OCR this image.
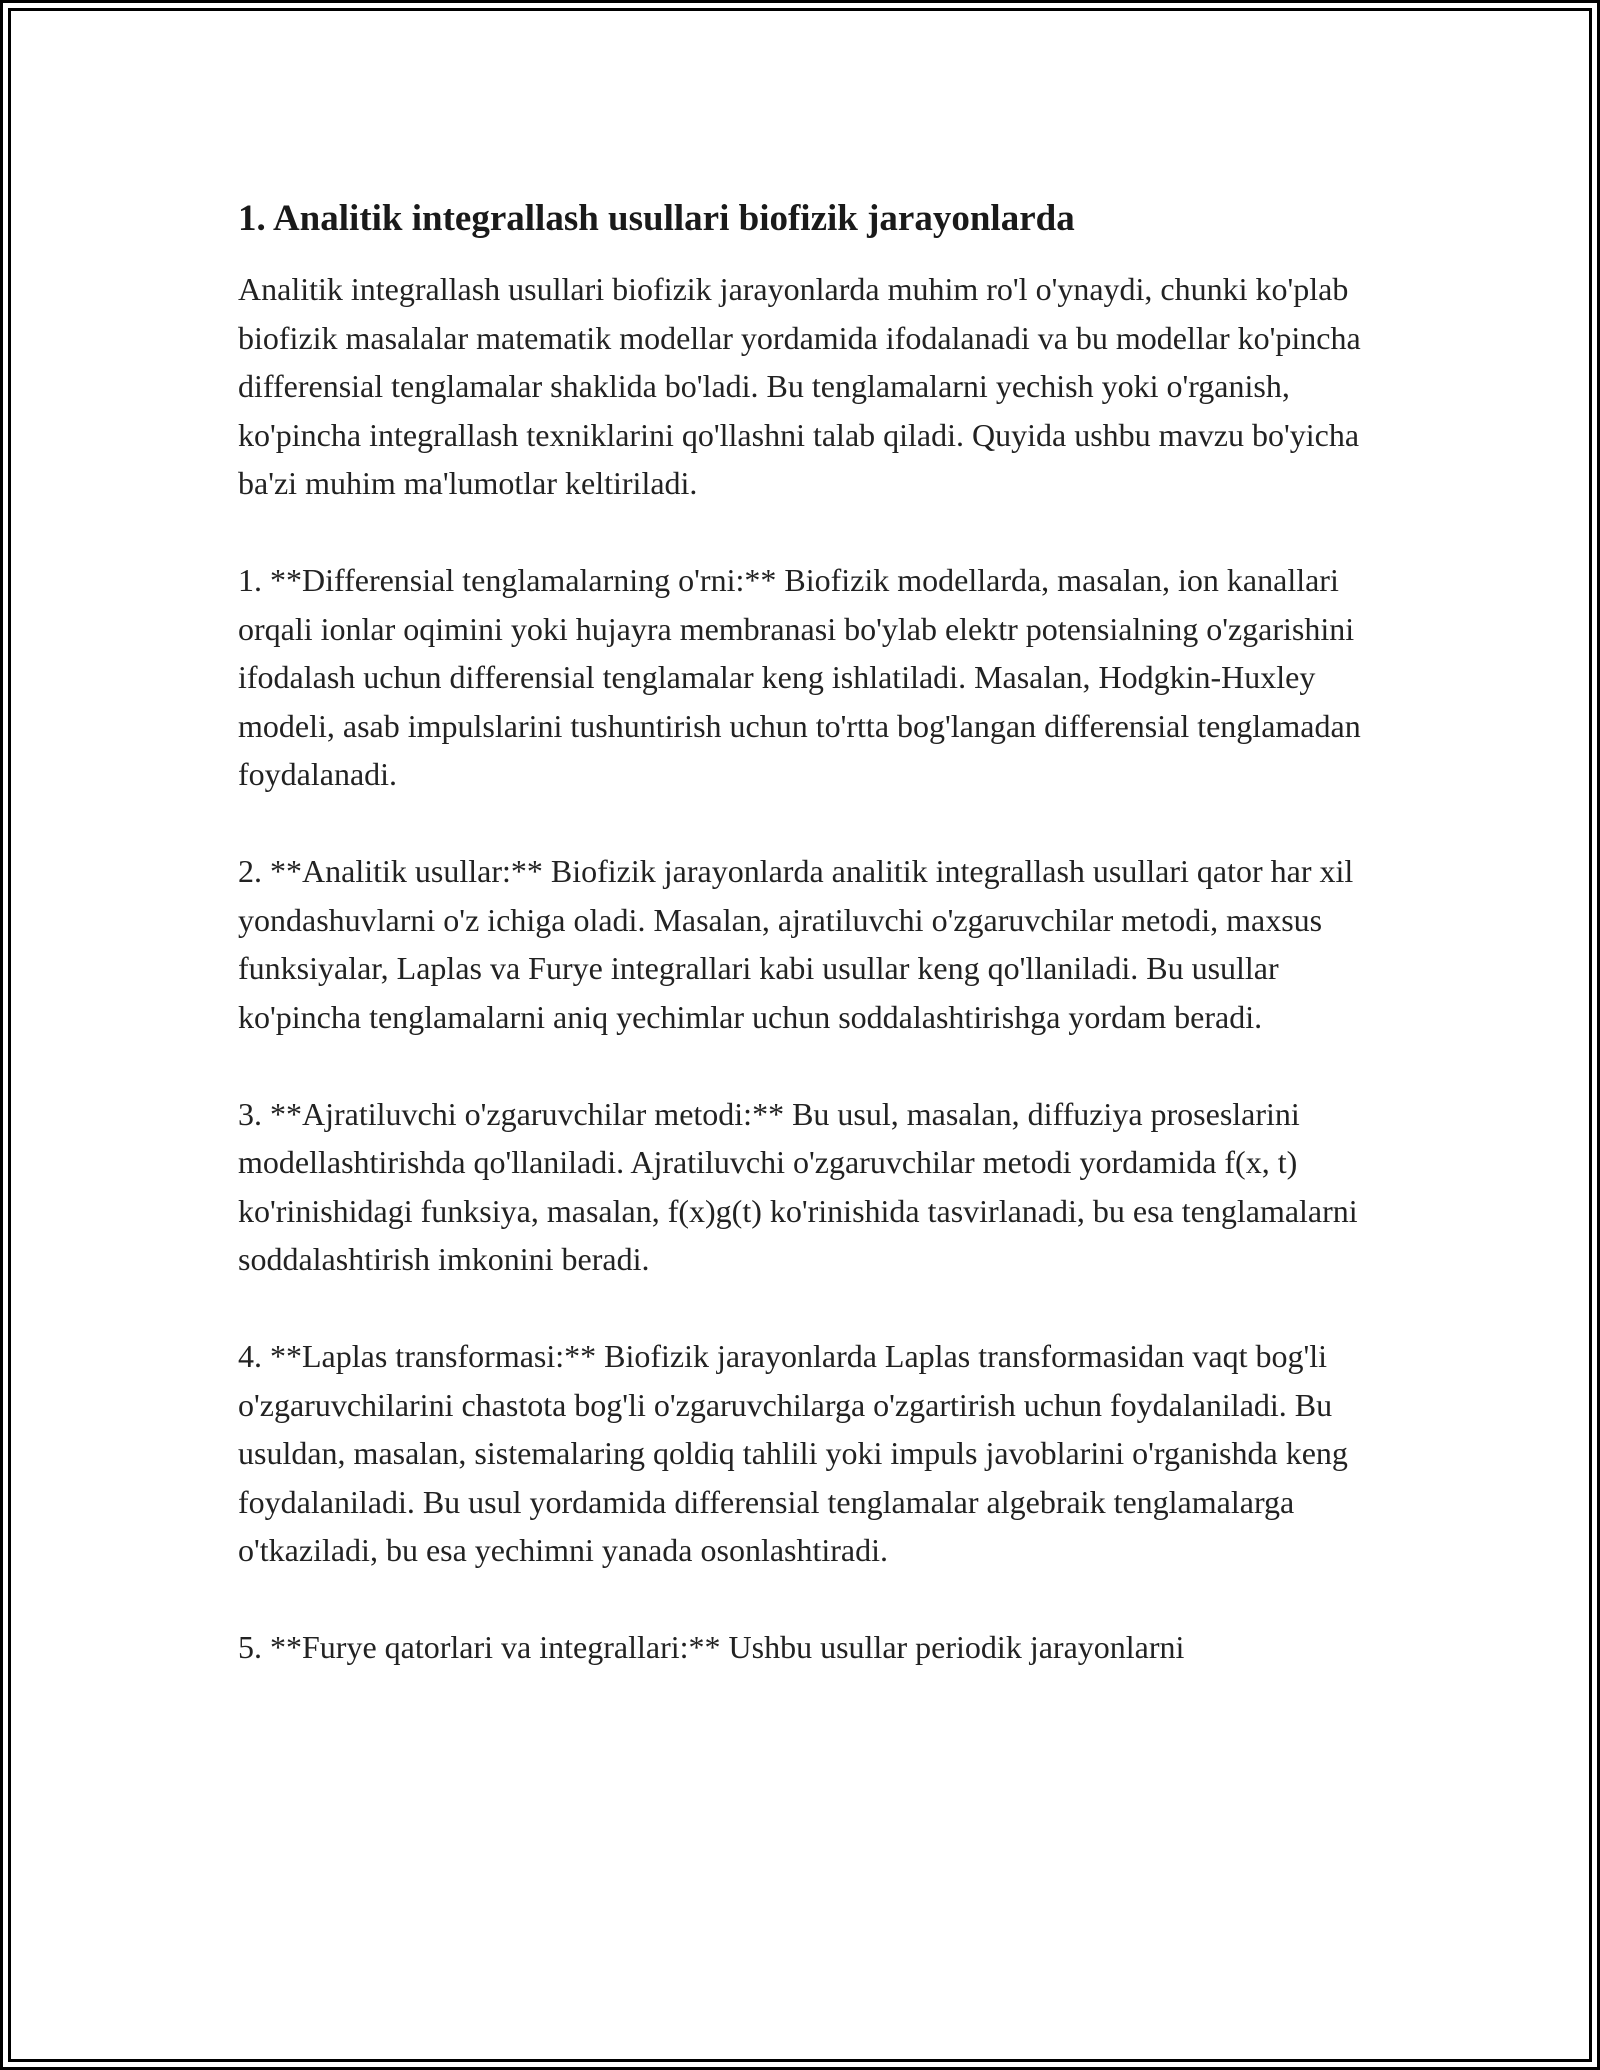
1. Analitik integrallash usullari biofizik jarayonlarda

Analitik integrallash usullari biofizik jarayonlarda muhim ro'l o'ynaydi, chunki ko'plab biofizik masalalar matematik modellar yordamida ifodalanadi va bu modellar ko'pincha differensial tenglamalar shaklida bo'ladi. Bu tenglamalarni yechish yoki o'rganish, ko'pincha integrallash texniklarini qo'llashni talab qiladi. Quyida ushbu mavzu bo'yicha ba'zi muhim ma'lumotlar keltiriladi.

1. **Differensial tenglamalarning o'rni:** Biofizik modellarda, masalan, ion kanallari orqali ionlar oqimini yoki hujayra membranasi bo'ylab elektr potensialning o'zgarishini ifodalash uchun differensial tenglamalar keng ishlatiladi. Masalan, Hodgkin-Huxley modeli, asab impulslarini tushuntirish uchun to'rtta bog'langan differensial tenglamadan foydalanadi.

2. **Analitik usullar:** Biofizik jarayonlarda analitik integrallash usullari qator har xil yondashuvlarni o'z ichiga oladi. Masalan, ajratiluvchi o'zgaruvchilar metodi, maxsus funksiyalar, Laplas va Furye integrallari kabi usullar keng qo'llaniladi. Bu usullar ko'pincha tenglamalarni aniq yechimlar uchun soddalashtirishga yordam beradi.

3. **Ajratiluvchi o'zgaruvchilar metodi:** Bu usul, masalan, diffuziya proseslarini modellashtirishda qo'llaniladi. Ajratiluvchi o'zgaruvchilar metodi yordamida f(x, t) ko'rinishidagi funksiya, masalan, f(x)g(t) ko'rinishida tasvirlanadi, bu esa tenglamalarni soddalashtirish imkonini beradi.

4. **Laplas transformasi:** Biofizik jarayonlarda Laplas transformasidan vaqt bog'li o'zgaruvchilarini chastota bog'li o'zgaruvchilarga o'zgartirish uchun foydalaniladi. Bu usuldan, masalan, sistemalaring qoldiq tahlili yoki impuls javoblarini o'rganishda keng foydalaniladi. Bu usul yordamida differensial tenglamalar algebraik tenglamalarga o'tkaziladi, bu esa yechimni yanada osonlashtiradi.

5. **Furye qatorlari va integrallari:** Ushbu usullar periodik jarayonlarni
